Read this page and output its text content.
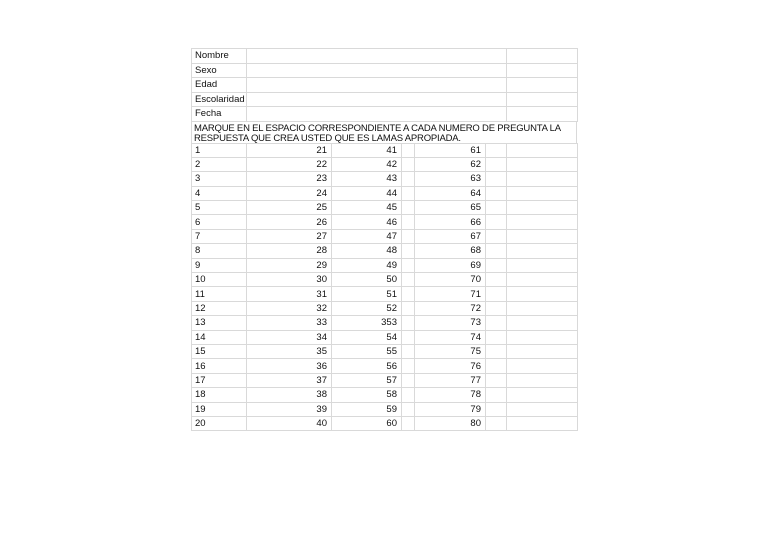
Nombre		
Sexo		
Edad		
Escolaridad		
Fecha		
MARQUE EN EL ESPACIO CORRESPONDIENTE A CADA NUMERO DE PREGUNTA LA RESPUESTA QUE CREA USTED QUE ES LAMAS APROPIADA.
1	21	41		61		
2	22	42		62		
3	23	43		63		
4	24	44		64		
5	25	45		65		
6	26	46		66		
7	27	47		67		
8	28	48		68		
9	29	49		69		
10	30	50		70		
11	31	51		71		
12	32	52		72		
13	33	353		73		
14	34	54		74		
15	35	55		75		
16	36	56		76		
17	37	57		77		
18	38	58		78		
19	39	59		79		
20	40	60		80		
